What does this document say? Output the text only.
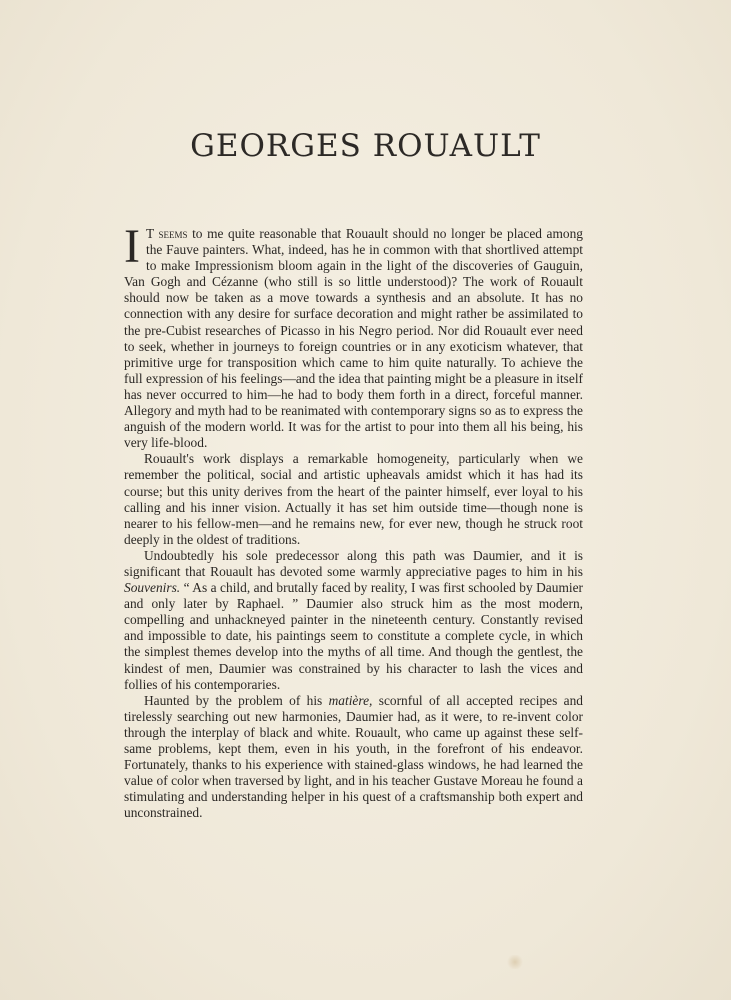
GEORGES ROUAULT

I T seems to me quite reasonable that Rouault should no longer be placed among the Fauve painters. What, indeed, has he in common with that shortlived attempt to make Impressionism bloom again in the light of the discoveries of Gauguin, Van Gogh and Cézanne (who still is so little understood)? The work of Rouault should now be taken as a move towards a synthesis and an absolute. It has no connection with any desire for surface decoration and might rather be assimilated to the pre-Cubist researches of Picasso in his Negro period. Nor did Rouault ever need to seek, whether in journeys to foreign countries or in any exoticism whatever, that primitive urge for transposition which came to him quite naturally. To achieve the full expression of his feelings—and the idea that painting might be a pleasure in itself has never occurred to him—he had to body them forth in a direct, forceful manner. Allegory and myth had to be reanimated with contemporary signs so as to express the anguish of the modern world. It was for the artist to pour into them all his being, his very life-blood.

Rouault's work displays a remarkable homogeneity, particularly when we remember the political, social and artistic upheavals amidst which it has had its course; but this unity derives from the heart of the painter himself, ever loyal to his calling and his inner vision. Actually it has set him outside time—though none is nearer to his fellow-men—and he remains new, for ever new, though he struck root deeply in the oldest of traditions.

Undoubtedly his sole predecessor along this path was Daumier, and it is significant that Rouault has devoted some warmly appreciative pages to him in his Souvenirs. “ As a child, and brutally faced by reality, I was first schooled by Daumier and only later by Raphael. ” Daumier also struck him as the most modern, compelling and unhackneyed painter in the nineteenth century. Constantly revised and impossible to date, his paintings seem to constitute a complete cycle, in which the simplest themes develop into the myths of all time. And though the gentlest, the kindest of men, Daumier was constrained by his character to lash the vices and follies of his contemporaries.

Haunted by the problem of his matière, scornful of all accepted recipes and tirelessly searching out new harmonies, Daumier had, as it were, to re-invent color through the interplay of black and white. Rouault, who came up against these self-same problems, kept them, even in his youth, in the forefront of his endeavor. Fortunately, thanks to his experience with stained-glass windows, he had learned the value of color when traversed by light, and in his teacher Gustave Moreau he found a stimulating and understanding helper in his quest of a craftsmanship both expert and unconstrained.
